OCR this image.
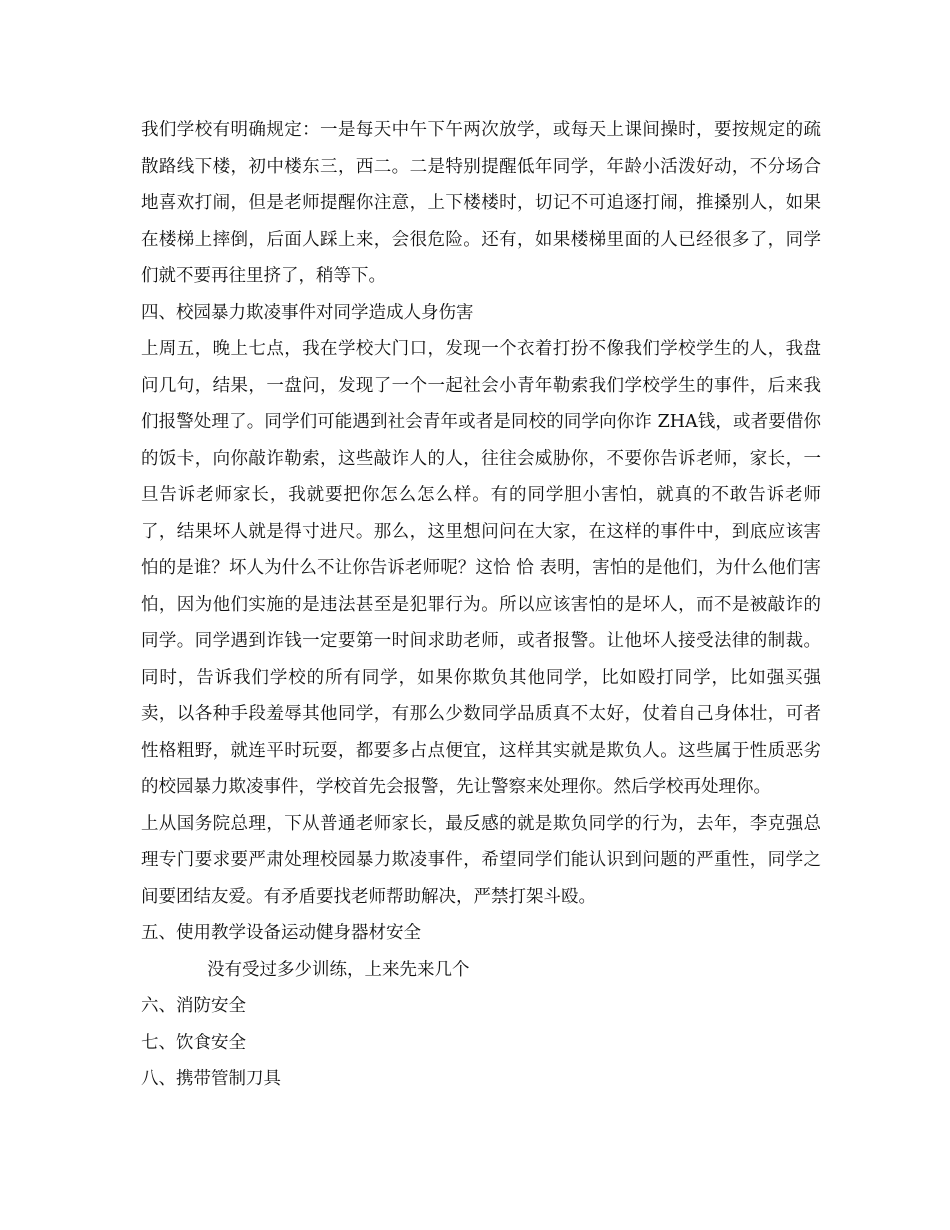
我们学校有明确规定：一是每天中午下午两次放学，或每天上课间操时，要按规定的疏散路线下楼，初中楼东三，西二。二是特别提醒低年同学，年龄小活泼好动，不分场合地喜欢打闹，但是老师提醒你注意，上下楼楼时，切记不可追逐打闹，推搡别人，如果在楼梯上摔倒，后面人踩上来，会很危险。还有，如果楼梯里面的人已经很多了，同学们就不要再往里挤了，稍等下。

四、校园暴力欺凌事件对同学造成人身伤害

上周五，晚上七点，我在学校大门口，发现一个衣着打扮不像我们学校学生的人，我盘问几句，结果，一盘问，发现了一个一起社会小青年勒索我们学校学生的事件，后来我们报警处理了。同学们可能遇到社会青年或者是同校的同学向你诈 ZHA钱，或者要借你的饭卡，向你敲诈勒索，这些敲诈人的人，往往会威胁你，不要你告诉老师，家长，一旦告诉老师家长，我就要把你怎么怎么样。有的同学胆小害怕，就真的不敢告诉老师了，结果坏人就是得寸进尺。那么，这里想问问在大家，在这样的事件中，到底应该害怕的是谁？坏人为什么不让你告诉老师呢？这恰 恰 表明，害怕的是他们，为什么他们害怕，因为他们实施的是违法甚至是犯罪行为。所以应该害怕的是坏人，而不是被敲诈的同学。同学遇到诈钱一定要第一时间求助老师，或者报警。让他坏人接受法律的制裁。同时，告诉我们学校的所有同学，如果你欺负其他同学，比如殴打同学，比如强买强卖，以各种手段羞辱其他同学，有那么少数同学品质真不太好，仗着自己身体壮，可者性格粗野，就连平时玩耍，都要多占点便宜，这样其实就是欺负人。这些属于性质恶劣的校园暴力欺凌事件，学校首先会报警，先让警察来处理你。然后学校再处理你。

上从国务院总理，下从普通老师家长，最反感的就是欺负同学的行为，去年，李克强总理专门要求要严肃处理校园暴力欺凌事件，希望同学们能认识到问题的严重性，同学之间要团结友爱。有矛盾要找老师帮助解决，严禁打架斗殴。

五、使用教学设备运动健身器材安全

没有受过多少训练，上来先来几个

六、消防安全

七、饮食安全

八、携带管制刀具
